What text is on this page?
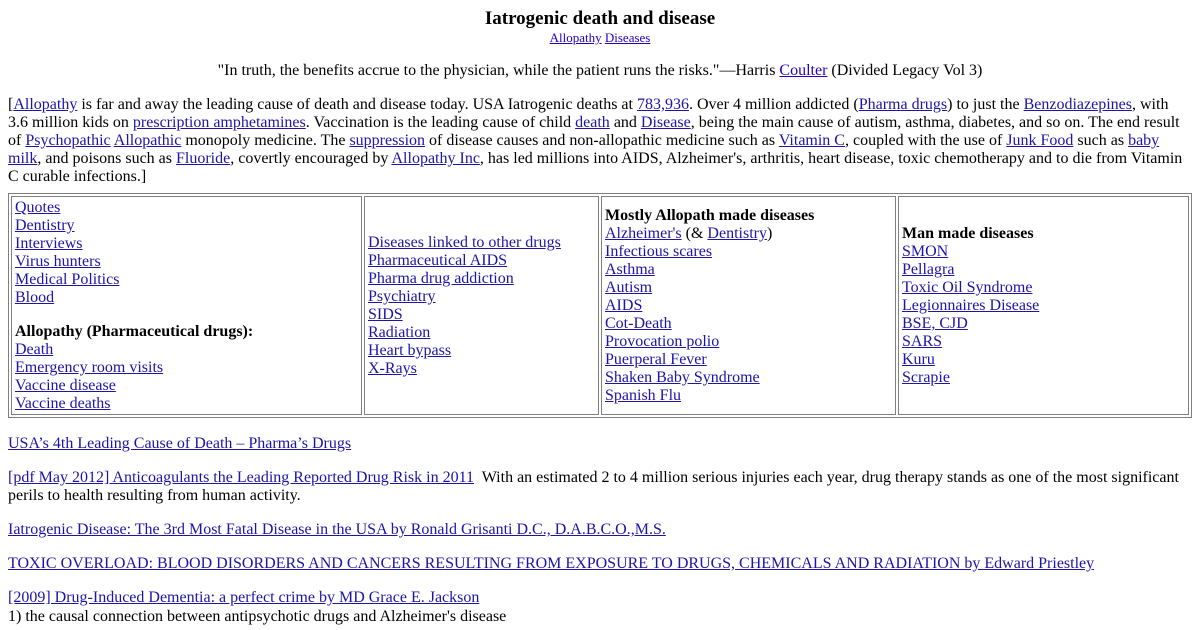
Iatrogenic death and disease
Allopathy Diseases
"In truth, the benefits accrue to the physician, while the patient runs the risks."—Harris Coulter (Divided Legacy Vol 3)
[Allopathy is far and away the leading cause of death and disease today. USA Iatrogenic deaths at 783,936. Over 4 million addicted (Pharma drugs) to just the Benzodiazepines, with 3.6 million kids on prescription amphetamines. Vaccination is the leading cause of child death and Disease, being the main cause of autism, asthma, diabetes, and so on. The end result of Psychopathic Allopathic monopoly medicine. The suppression of disease causes and non-allopathic medicine such as Vitamin C, coupled with the use of Junk Food such as baby milk, and poisons such as Fluoride, covertly encouraged by Allopathy Inc, has led millions into AIDS, Alzheimer's, arthritis, heart disease, toxic chemotherapy and to die from Vitamin C curable infections.]
Quotes
Dentistry
Interviews
Virus hunters
Medical Politics
Blood
Allopathy (Pharmaceutical drugs):
Death
Emergency room visits
Vaccine disease
Vaccine deaths

Diseases linked to other drugs
Pharmaceutical AIDS
Pharma drug addiction
Psychiatry
SIDS
Radiation
Heart bypass
X-Rays

Mostly Allopath made diseases
Alzheimer's (& Dentistry)
Infectious scares
Asthma
Autism
AIDS
Cot-Death
Provocation polio
Puerperal Fever
Shaken Baby Syndrome
Spanish Flu

Man made diseases
SMON
Pellagra
Toxic Oil Syndrome
Legionnaires Disease
BSE, CJD
SARS
Kuru
Scrapie

USA’s 4th Leading Cause of Death – Pharma’s Drugs

[pdf May 2012] Anticoagulants the Leading Reported Drug Risk in 2011  With an estimated 2 to 4 million serious injuries each year, drug therapy stands as one of the most significant perils to health resulting from human activity.

Iatrogenic Disease: The 3rd Most Fatal Disease in the USA by Ronald Grisanti D.C., D.A.B.C.O.,M.S.

TOXIC OVERLOAD: BLOOD DISORDERS AND CANCERS RESULTING FROM EXPOSURE TO DRUGS, CHEMICALS AND RADIATION by Edward Priestley

[2009] Drug-Induced Dementia: a perfect crime by MD Grace E. Jackson

1) the causal connection between antipsychotic drugs and Alzheimer's disease
